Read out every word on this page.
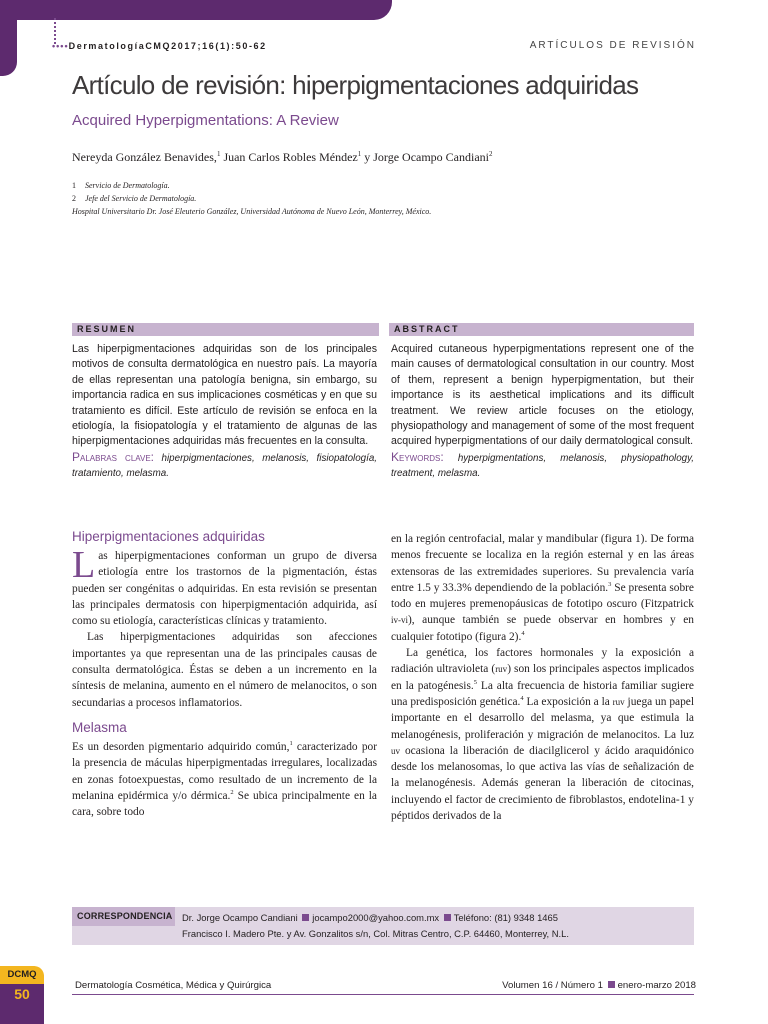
••••DermatologíaCMQ2017;16(1):50-62	ARTÍCULOS DE REVISIÓN
Artículo de revisión: hiperpigmentaciones adquiridas
Acquired Hyperpigmentations: A Review
Nereyda González Benavides,$^1$ Juan Carlos Robles Méndez$^1$ y Jorge Ocampo Candiani$^2$
1 Servicio de Dermatología.
2 Jefe del Servicio de Dermatología.
Hospital Universitario Dr. José Eleuterio González, Universidad Autónoma de Nuevo León, Monterrey, México.
RESUMEN	ABSTRACT

Las hiperpigmentaciones adquiridas son de los principales motivos de consulta dermatológica en nuestro país. La mayoría de ellas representan una patología benigna, sin embargo, su importancia radica en sus implicaciones cosméticas y en que su tratamiento es difícil. Este artículo de revisión se enfoca en la etiología, la fisiopatología y el tratamiento de algunas de las hiperpigmentaciones adquiridas más frecuentes en la consulta.
Palabras clave: hiperpigmentaciones, melanosis, fisiopatología, tratamiento, melasma.

Acquired cutaneous hyperpigmentations represent one of the main causes of dermatological consultation in our country. Most of them, represent a benign hyperpigmentation, but their importance is its aesthetical implications and its difficult treatment. We review article focuses on the etiology, physiopathology and management of some of the most frequent acquired hyperpigmentations of our daily dermatological consult.
Keywords: hyperpigmentations, melanosis, physiopathology, treatment, melasma.

Hiperpigmentaciones adquiridas

Las hiperpigmentaciones conforman un grupo de diversa etiología entre los trastornos de la pigmentación, éstas pueden ser congénitas o adquiridas. En esta revisión se presentan las principales dermatosis con hiperpigmentación adquirida, así como su etiología, características clínicas y tratamiento.

Las hiperpigmentaciones adquiridas son afecciones importantes ya que representan una de las principales causas de consulta dermatológica. Éstas se deben a un incremento en la síntesis de melanina, aumento en el número de melanocitos, o son secundarias a procesos inflamatorios.

Melasma

Es un desorden pigmentario adquirido común,$^1$ caracterizado por la presencia de máculas hiperpigmentadas irregulares, localizadas en zonas fotoexpuestas, como resultado de un incremento de la melanina epidérmica y/o dérmica.$^2$ Se ubica principalmente en la cara, sobre todo

en la región centrofacial, malar y mandibular (figura 1). De forma menos frecuente se localiza en la región esternal y en las áreas extensoras de las extremidades superiores. Su prevalencia varía entre 1.5 y 33.3% dependiendo de la población.$^3$ Se presenta sobre todo en mujeres premenopáusicas de fototipo oscuro (Fitzpatrick iv-vi), aunque también se puede observar en hombres y en cualquier fototipo (figura 2).$^4$

La genética, los factores hormonales y la exposición a radiación ultravioleta (ruv) son los principales aspectos implicados en la patogénesis.$^5$ La alta frecuencia de historia familiar sugiere una predisposición genética.$^4$ La exposición a la ruv juega un papel importante en el desarrollo del melasma, ya que estimula la melanogénesis, proliferación y migración de melanocitos. La luz uv ocasiona la liberación de diacilglicerol y ácido araquidónico desde los melanosomas, lo que activa las vías de señalización de la melanogénesis. Además generan la liberación de citocinas, incluyendo el factor de crecimiento de fibroblastos, endotelina-1 y péptidos derivados de la

CORRESPONDENCIA Dr. Jorge Ocampo Candiani jocampo2000@yahoo.com.mx Teléfono: (81) 9348 1465
Francisco I. Madero Pte. y Av. Gonzalitos s/n, Col. Mitras Centro, C.P. 64460, Monterrey, N.L.
DCMQ
50
Dermatología Cosmética, Médica y Quirúrgica	Volumen 16 / Número 1 enero-marzo 2018
